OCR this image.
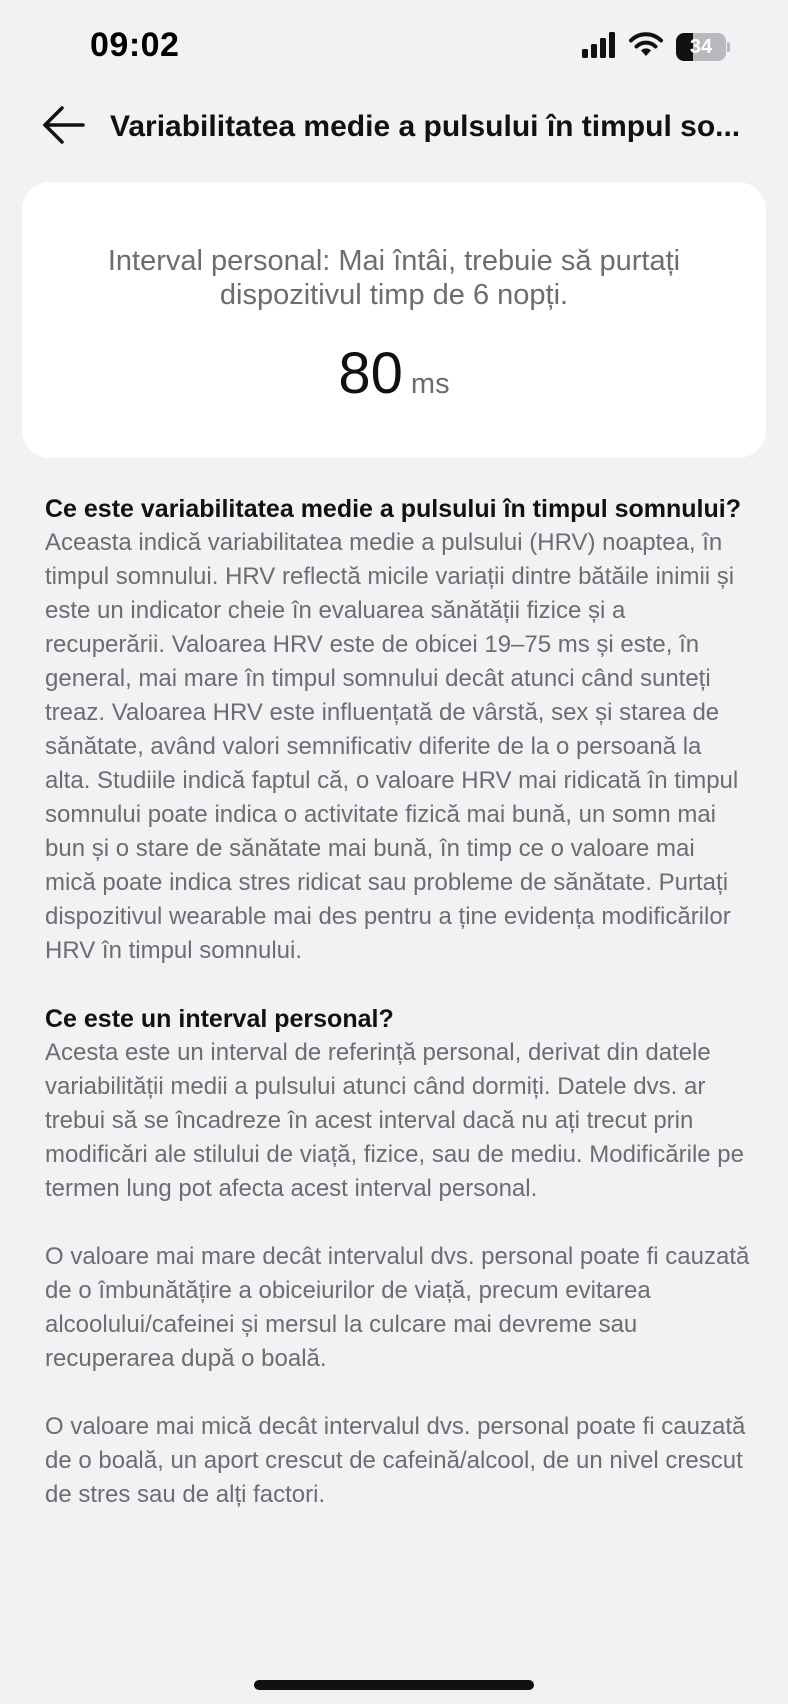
09:02	34
Variabilitatea medie a pulsului în timpul so...
Interval personal: Mai întâi, trebuie să purtați dispozitivul timp de 6 nopți.
80 ms
Ce este variabilitatea medie a pulsului în timpul somnului?

Aceasta indică variabilitatea medie a pulsului (HRV) noaptea, în timpul somnului. HRV reflectă micile variații dintre bătăile inimii și este un indicator cheie în evaluarea sănătății fizice și a recuperării. Valoarea HRV este de obicei 19–75 ms și este, în general, mai mare în timpul somnului decât atunci când sunteți treaz. Valoarea HRV este influențată de vârstă, sex și starea de sănătate, având valori semnificativ diferite de la o persoană la alta. Studiile indică faptul că, o valoare HRV mai ridicată în timpul somnului poate indica o activitate fizică mai bună, un somn mai bun și o stare de sănătate mai bună, în timp ce o valoare mai mică poate indica stres ridicat sau probleme de sănătate. Purtați dispozitivul wearable mai des pentru a ține evidența modificărilor HRV în timpul somnului.

Ce este un interval personal?

Acesta este un interval de referință personal, derivat din datele variabilității medii a pulsului atunci când dormiți. Datele dvs. ar trebui să se încadreze în acest interval dacă nu ați trecut prin modificări ale stilului de viață, fizice, sau de mediu. Modificările pe termen lung pot afecta acest interval personal.

O valoare mai mare decât intervalul dvs. personal poate fi cauzată de o îmbunătățire a obiceiurilor de viață, precum evitarea alcoolului/cafeinei și mersul la culcare mai devreme sau recuperarea după o boală.

O valoare mai mică decât intervalul dvs. personal poate fi cauzată de o boală, un aport crescut de cafeină/alcool, de un nivel crescut de stres sau de alți factori.
